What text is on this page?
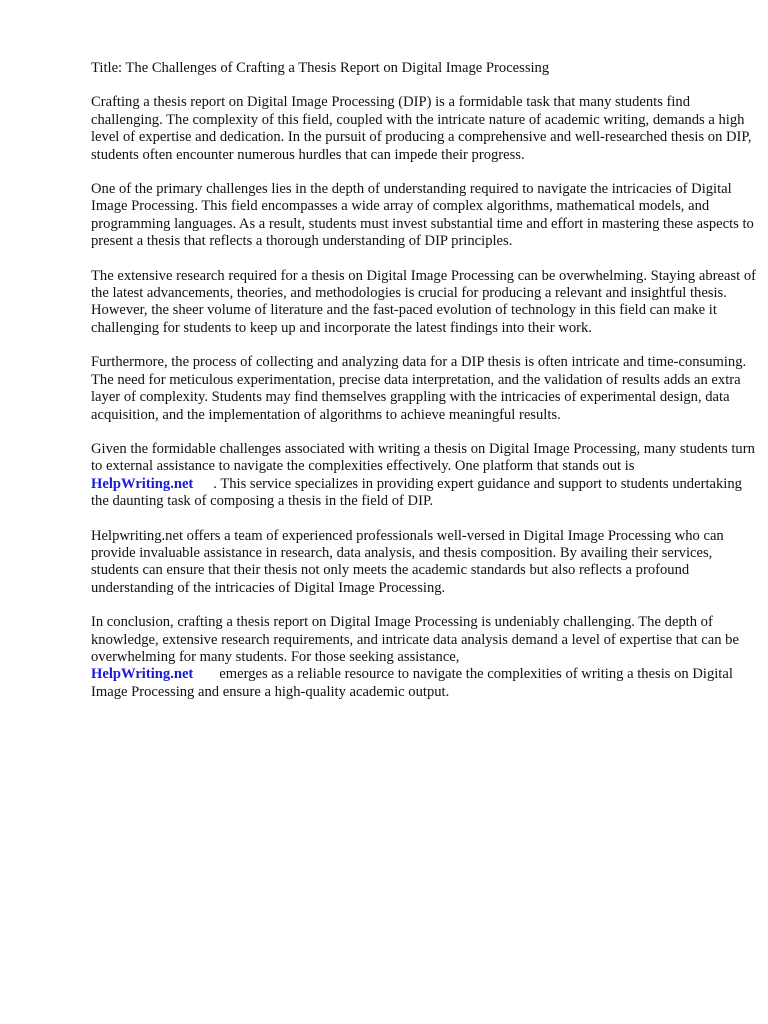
Title: The Challenges of Crafting a Thesis Report on Digital Image Processing

Crafting a thesis report on Digital Image Processing (DIP) is a formidable task that many students find challenging. The complexity of this field, coupled with the intricate nature of academic writing, demands a high level of expertise and dedication. In the pursuit of producing a comprehensive and well-researched thesis on DIP, students often encounter numerous hurdles that can impede their progress.

One of the primary challenges lies in the depth of understanding required to navigate the intricacies of Digital Image Processing. This field encompasses a wide array of complex algorithms, mathematical models, and programming languages. As a result, students must invest substantial time and effort in mastering these aspects to present a thesis that reflects a thorough understanding of DIP principles.

The extensive research required for a thesis on Digital Image Processing can be overwhelming. Staying abreast of the latest advancements, theories, and methodologies is crucial for producing a relevant and insightful thesis. However, the sheer volume of literature and the fast-paced evolution of technology in this field can make it challenging for students to keep up and incorporate the latest findings into their work.

Furthermore, the process of collecting and analyzing data for a DIP thesis is often intricate and time-consuming. The need for meticulous experimentation, precise data interpretation, and the validation of results adds an extra layer of complexity. Students may find themselves grappling with the intricacies of experimental design, data acquisition, and the implementation of algorithms to achieve meaningful results.

Given the formidable challenges associated with writing a thesis on Digital Image Processing, many students turn to external assistance to navigate the complexities effectively. One platform that stands out isHelpWriting.net . This service specializes in providing expert guidance and support to students undertaking the daunting task of composing a thesis in the field of DIP.

Helpwriting.net offers a team of experienced professionals well-versed in Digital Image Processing who can provide invaluable assistance in research, data analysis, and thesis composition. By availing their services, students can ensure that their thesis not only meets the academic standards but also reflects a profound understanding of the intricacies of Digital Image Processing.

In conclusion, crafting a thesis report on Digital Image Processing is undeniably challenging. The depth of knowledge, extensive research requirements, and intricate data analysis demand a level of expertise that can be overwhelming for many students. For those seeking assistance,
HelpWriting.net emerges as a reliable resource to navigate the complexities of writing a thesis on Digital Image Processing and ensure a high-quality academic output.
